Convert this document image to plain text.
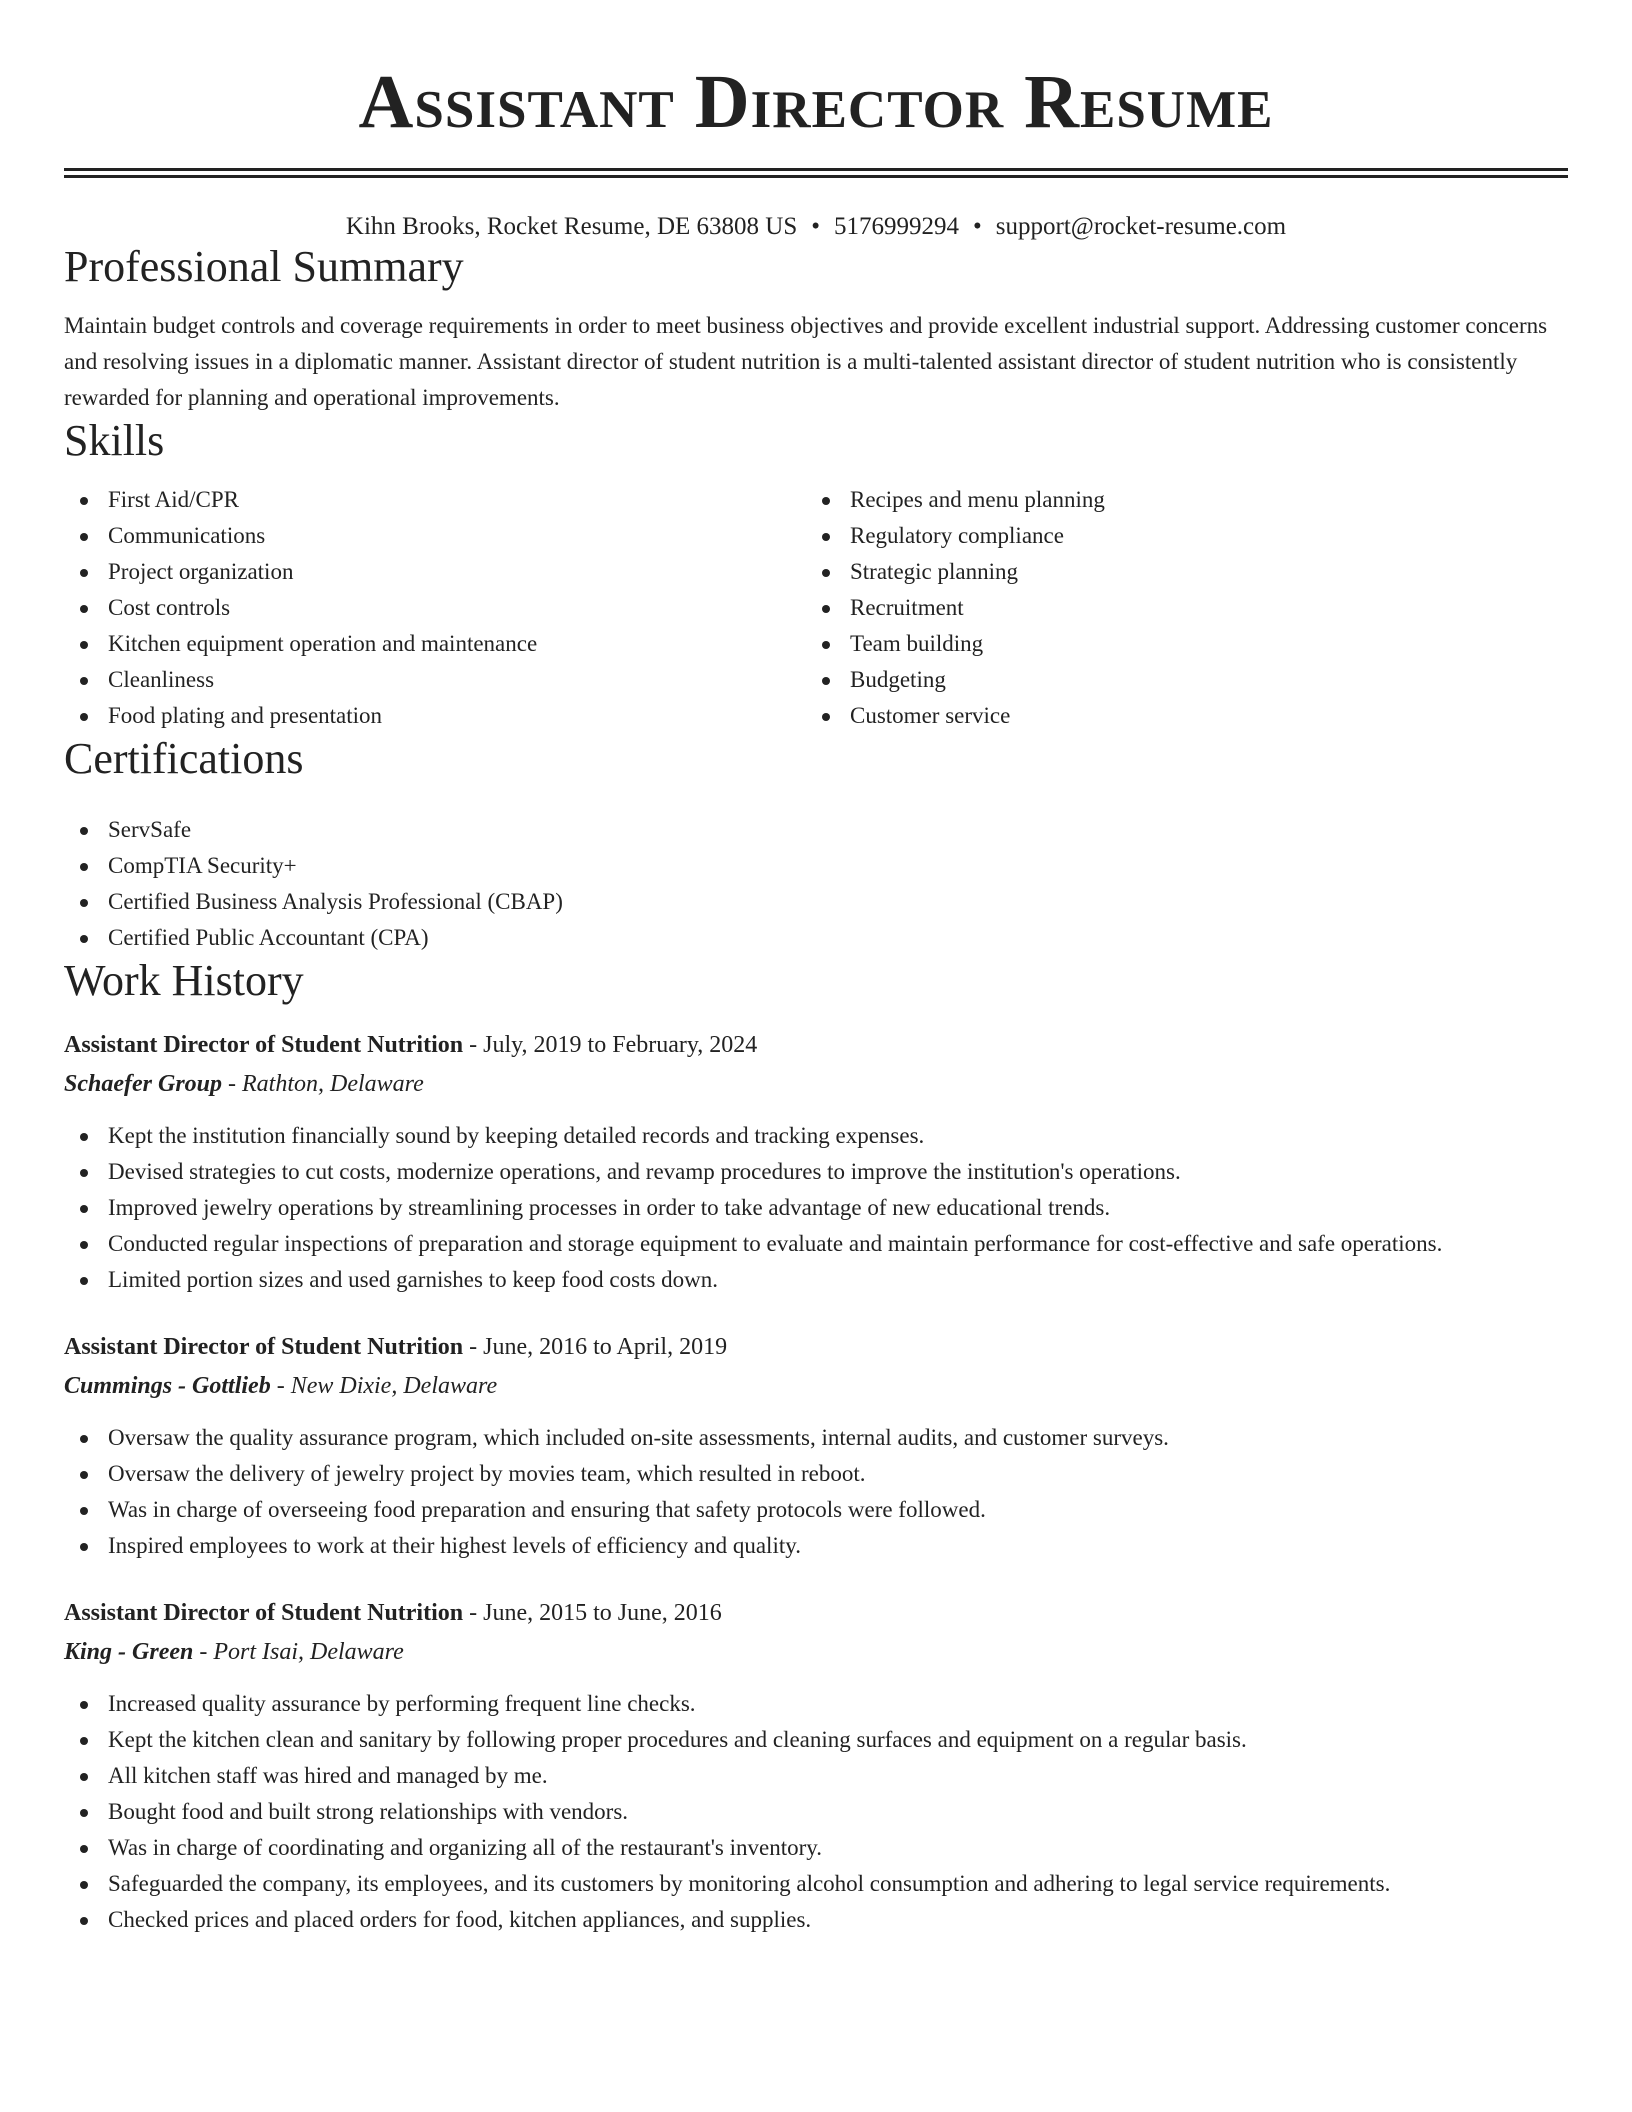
Assistant Director Resume
Kihn Brooks, Rocket Resume, DE 63808 US • 5176999294 • support@rocket-resume.com
Professional Summary

Maintain budget controls and coverage requirements in order to meet business objectives and provide excellent industrial support. Addressing customer concerns and resolving issues in a diplomatic manner. Assistant director of student nutrition is a multi-talented assistant director of student nutrition who is consistently rewarded for planning and operational improvements.

Skills
First Aid/CPR
Communications
Project organization
Cost controls
Kitchen equipment operation and maintenance
Cleanliness
Food plating and presentation
Recipes and menu planning
Regulatory compliance
Strategic planning
Recruitment
Team building
Budgeting
Customer service
Certifications
ServSafe
CompTIA Security+
Certified Business Analysis Professional (CBAP)
Certified Public Accountant (CPA)
Work History
Assistant Director of Student Nutrition - July, 2019 to February, 2024
Schaefer Group - Rathton, Delaware
Kept the institution financially sound by keeping detailed records and tracking expenses.
Devised strategies to cut costs, modernize operations, and revamp procedures to improve the institution's operations.
Improved jewelry operations by streamlining processes in order to take advantage of new educational trends.
Conducted regular inspections of preparation and storage equipment to evaluate and maintain performance for cost-effective and safe operations.
Limited portion sizes and used garnishes to keep food costs down.
Assistant Director of Student Nutrition - June, 2016 to April, 2019
Cummings - Gottlieb - New Dixie, Delaware
Oversaw the quality assurance program, which included on-site assessments, internal audits, and customer surveys.
Oversaw the delivery of jewelry project by movies team, which resulted in reboot.
Was in charge of overseeing food preparation and ensuring that safety protocols were followed.
Inspired employees to work at their highest levels of efficiency and quality.
Assistant Director of Student Nutrition - June, 2015 to June, 2016
King - Green - Port Isai, Delaware
Increased quality assurance by performing frequent line checks.
Kept the kitchen clean and sanitary by following proper procedures and cleaning surfaces and equipment on a regular basis.
All kitchen staff was hired and managed by me.
Bought food and built strong relationships with vendors.
Was in charge of coordinating and organizing all of the restaurant's inventory.
Safeguarded the company, its employees, and its customers by monitoring alcohol consumption and adhering to legal service requirements.
Checked prices and placed orders for food, kitchen appliances, and supplies.
